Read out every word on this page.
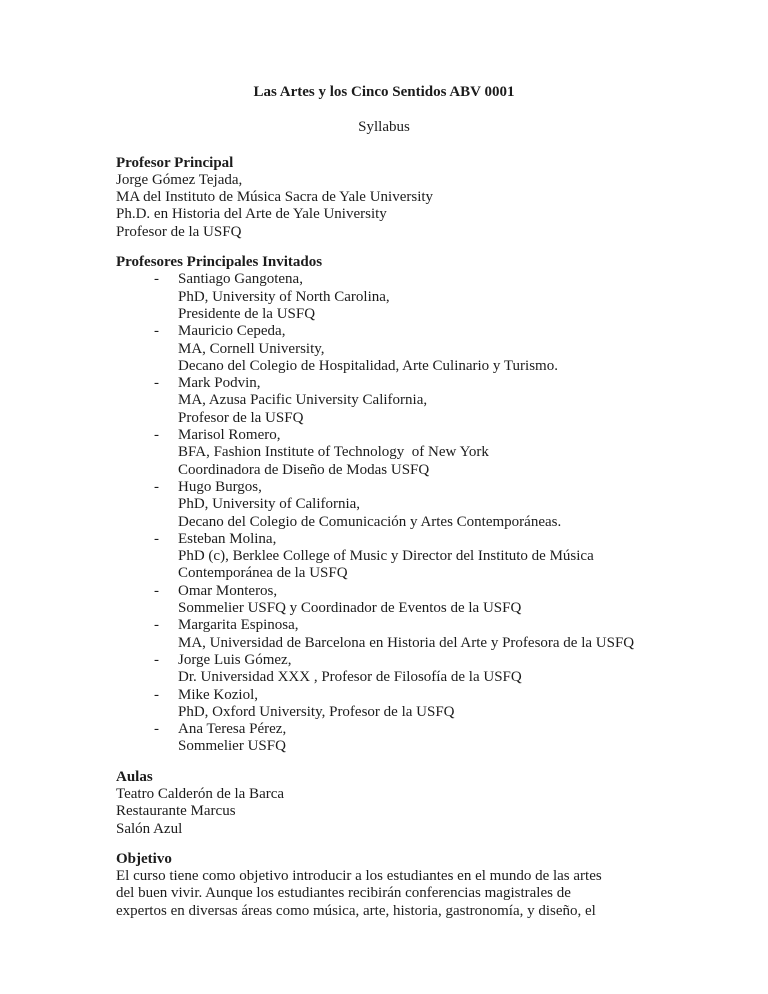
Las Artes y los Cinco Sentidos ABV 0001
Syllabus
Profesor Principal
Jorge Gómez Tejada,
MA del Instituto de Música Sacra de Yale University
Ph.D. en Historia del Arte de Yale University
Profesor de la USFQ
Profesores Principales Invitados
- Santiago Gangotena,
PhD, University of North Carolina,
Presidente de la USFQ
- Mauricio Cepeda,
MA, Cornell University,
Decano del Colegio de Hospitalidad, Arte Culinario y Turismo.
- Mark Podvin,
MA, Azusa Pacific University California,
Profesor de la USFQ
- Marisol Romero,
BFA, Fashion Institute of Technology  of New York
Coordinadora de Diseño de Modas USFQ
- Hugo Burgos,
PhD, University of California,
Decano del Colegio de Comunicación y Artes Contemporáneas.
- Esteban Molina,
PhD (c), Berklee College of Music y Director del Instituto de Música
Contemporánea de la USFQ
- Omar Monteros,
Sommelier USFQ y Coordinador de Eventos de la USFQ
- Margarita Espinosa,
MA, Universidad de Barcelona en Historia del Arte y Profesora de la USFQ
- Jorge Luis Gómez,
Dr. Universidad XXX , Profesor de Filosofía de la USFQ
- Mike Koziol,
PhD, Oxford University, Profesor de la USFQ
- Ana Teresa Pérez,
Sommelier USFQ
Aulas
Teatro Calderón de la Barca
Restaurante Marcus
Salón Azul
Objetivo
El curso tiene como objetivo introducir a los estudiantes en el mundo de las artes
del buen vivir. Aunque los estudiantes recibirán conferencias magistrales de
expertos en diversas áreas como música, arte, historia, gastronomía, y diseño, el
